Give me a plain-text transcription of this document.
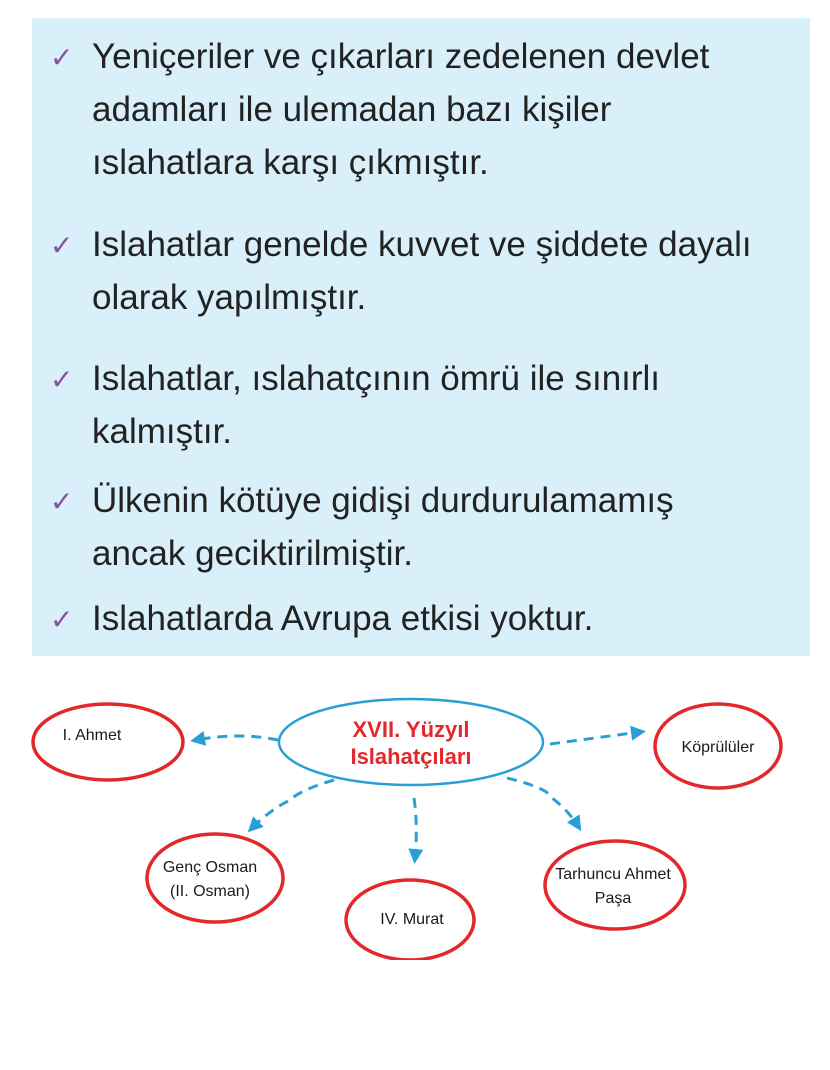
✓ Yeniçeriler ve çıkarları zedelenen devlet
adamları ile ulemadan bazı kişiler
ıslahatlara karşı çıkmıştır.

✓ Islahatlar genelde kuvvet ve şiddete dayalı
olarak yapılmıştır.

✓ Islahatlar, ıslahatçının ömrü ile sınırlı
kalmıştır.

✓ Ülkenin kötüye gidişi durdurulamamış
ancak geciktirilmiştir.

✓ Islahatlarda Avrupa etkisi yoktur.

XVII. Yüzyıl
Islahatçıları
I. Ahmet
Köprülüler
Genç Osman
(II. Osman)
IV. Murat
Tarhuncu Ahmet
Paşa
